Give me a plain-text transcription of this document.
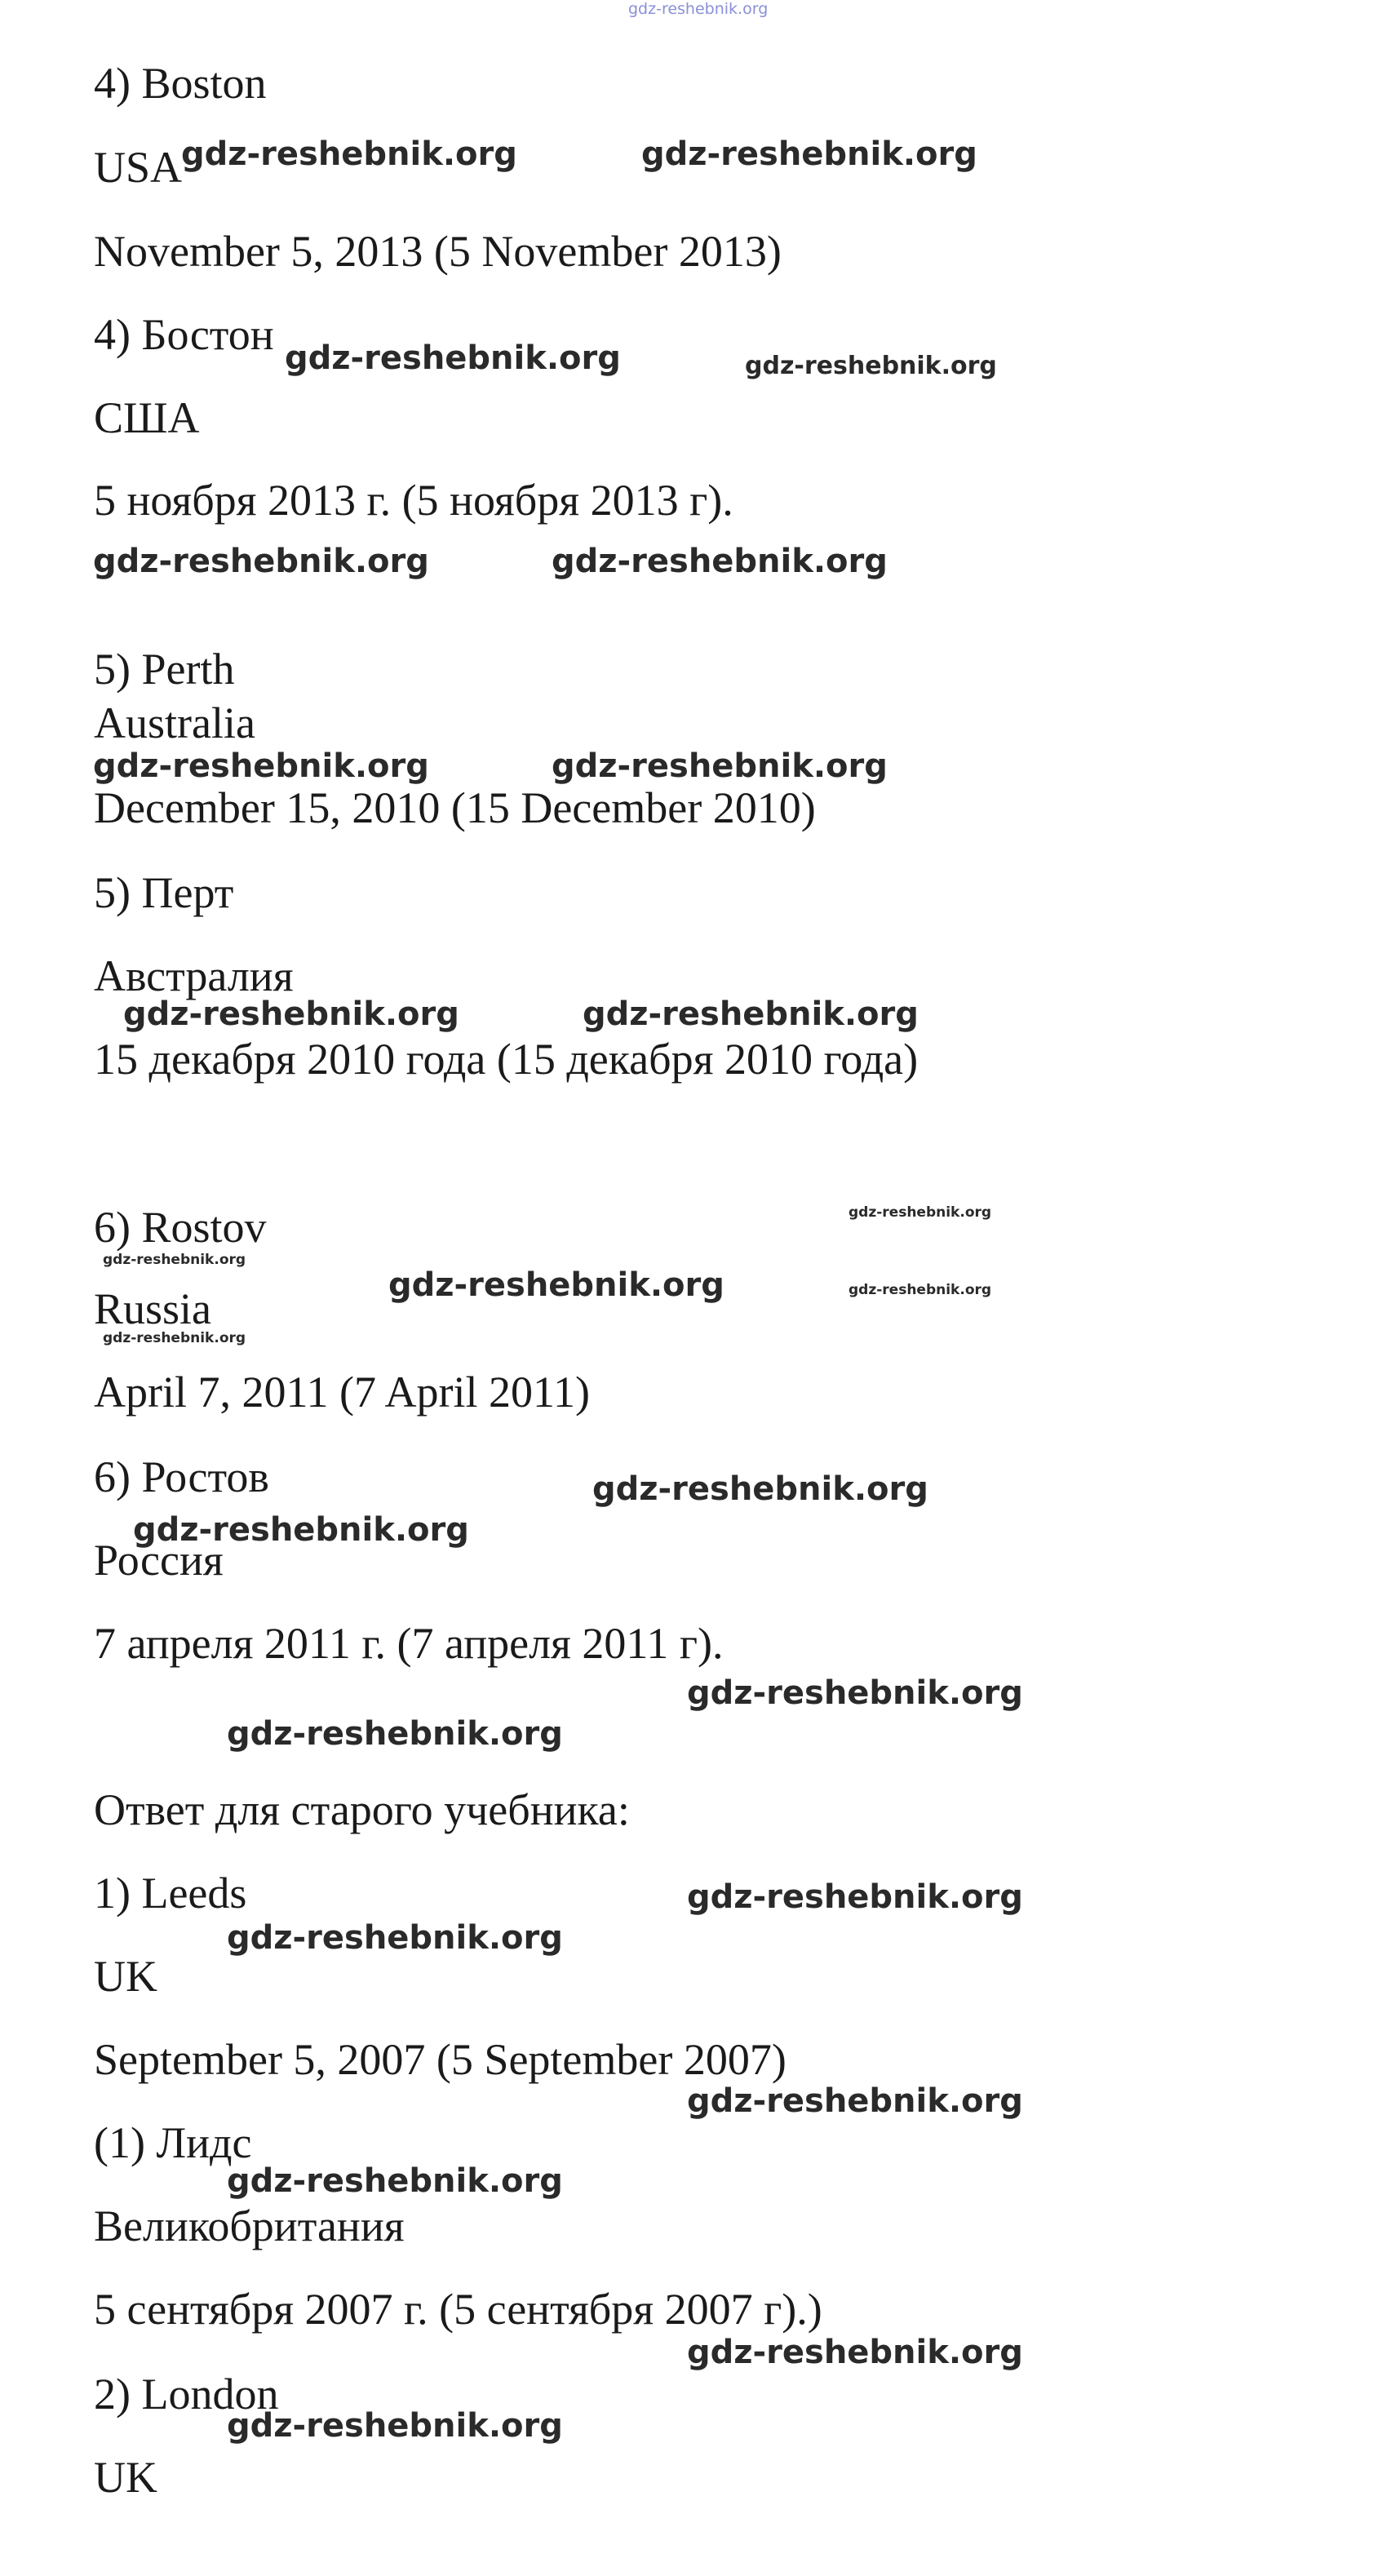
gdz-reshebnik.org
4) Boston
USA
November 5, 2013 (5 November 2013)
4) Бостон
США
5 ноября 2013 г. (5 ноября 2013 г).
5) Perth
Australia
December 15, 2010 (15 December 2010)
5) Перт
Австралия
15 декабря 2010 года (15 декабря 2010 года)
6) Rostov
Russia
April 7, 2011 (7 April 2011)
6) Ростов
Россия
7 апреля 2011 г. (7 апреля 2011 г).
Ответ для старого учебника:
1) Leeds
UK
September 5, 2007 (5 September 2007)
(1) Лидс
Великобритания
5 сентября 2007 г. (5 сентября 2007 г).)
2) London
UK
gdz-reshebnik.org	gdz-reshebnik.org
gdz-reshebnik.org	gdz-reshebnik.org
gdz-reshebnik.org	gdz-reshebnik.org
gdz-reshebnik.org	gdz-reshebnik.org
gdz-reshebnik.org	gdz-reshebnik.org
gdz-reshebnik.org
gdz-reshebnik.org
gdz-reshebnik.org	gdz-reshebnik.org
gdz-reshebnik.org
gdz-reshebnik.org
gdz-reshebnik.org
gdz-reshebnik.org
gdz-reshebnik.org
gdz-reshebnik.org
gdz-reshebnik.org
gdz-reshebnik.org
gdz-reshebnik.org
gdz-reshebnik.org
gdz-reshebnik.org
